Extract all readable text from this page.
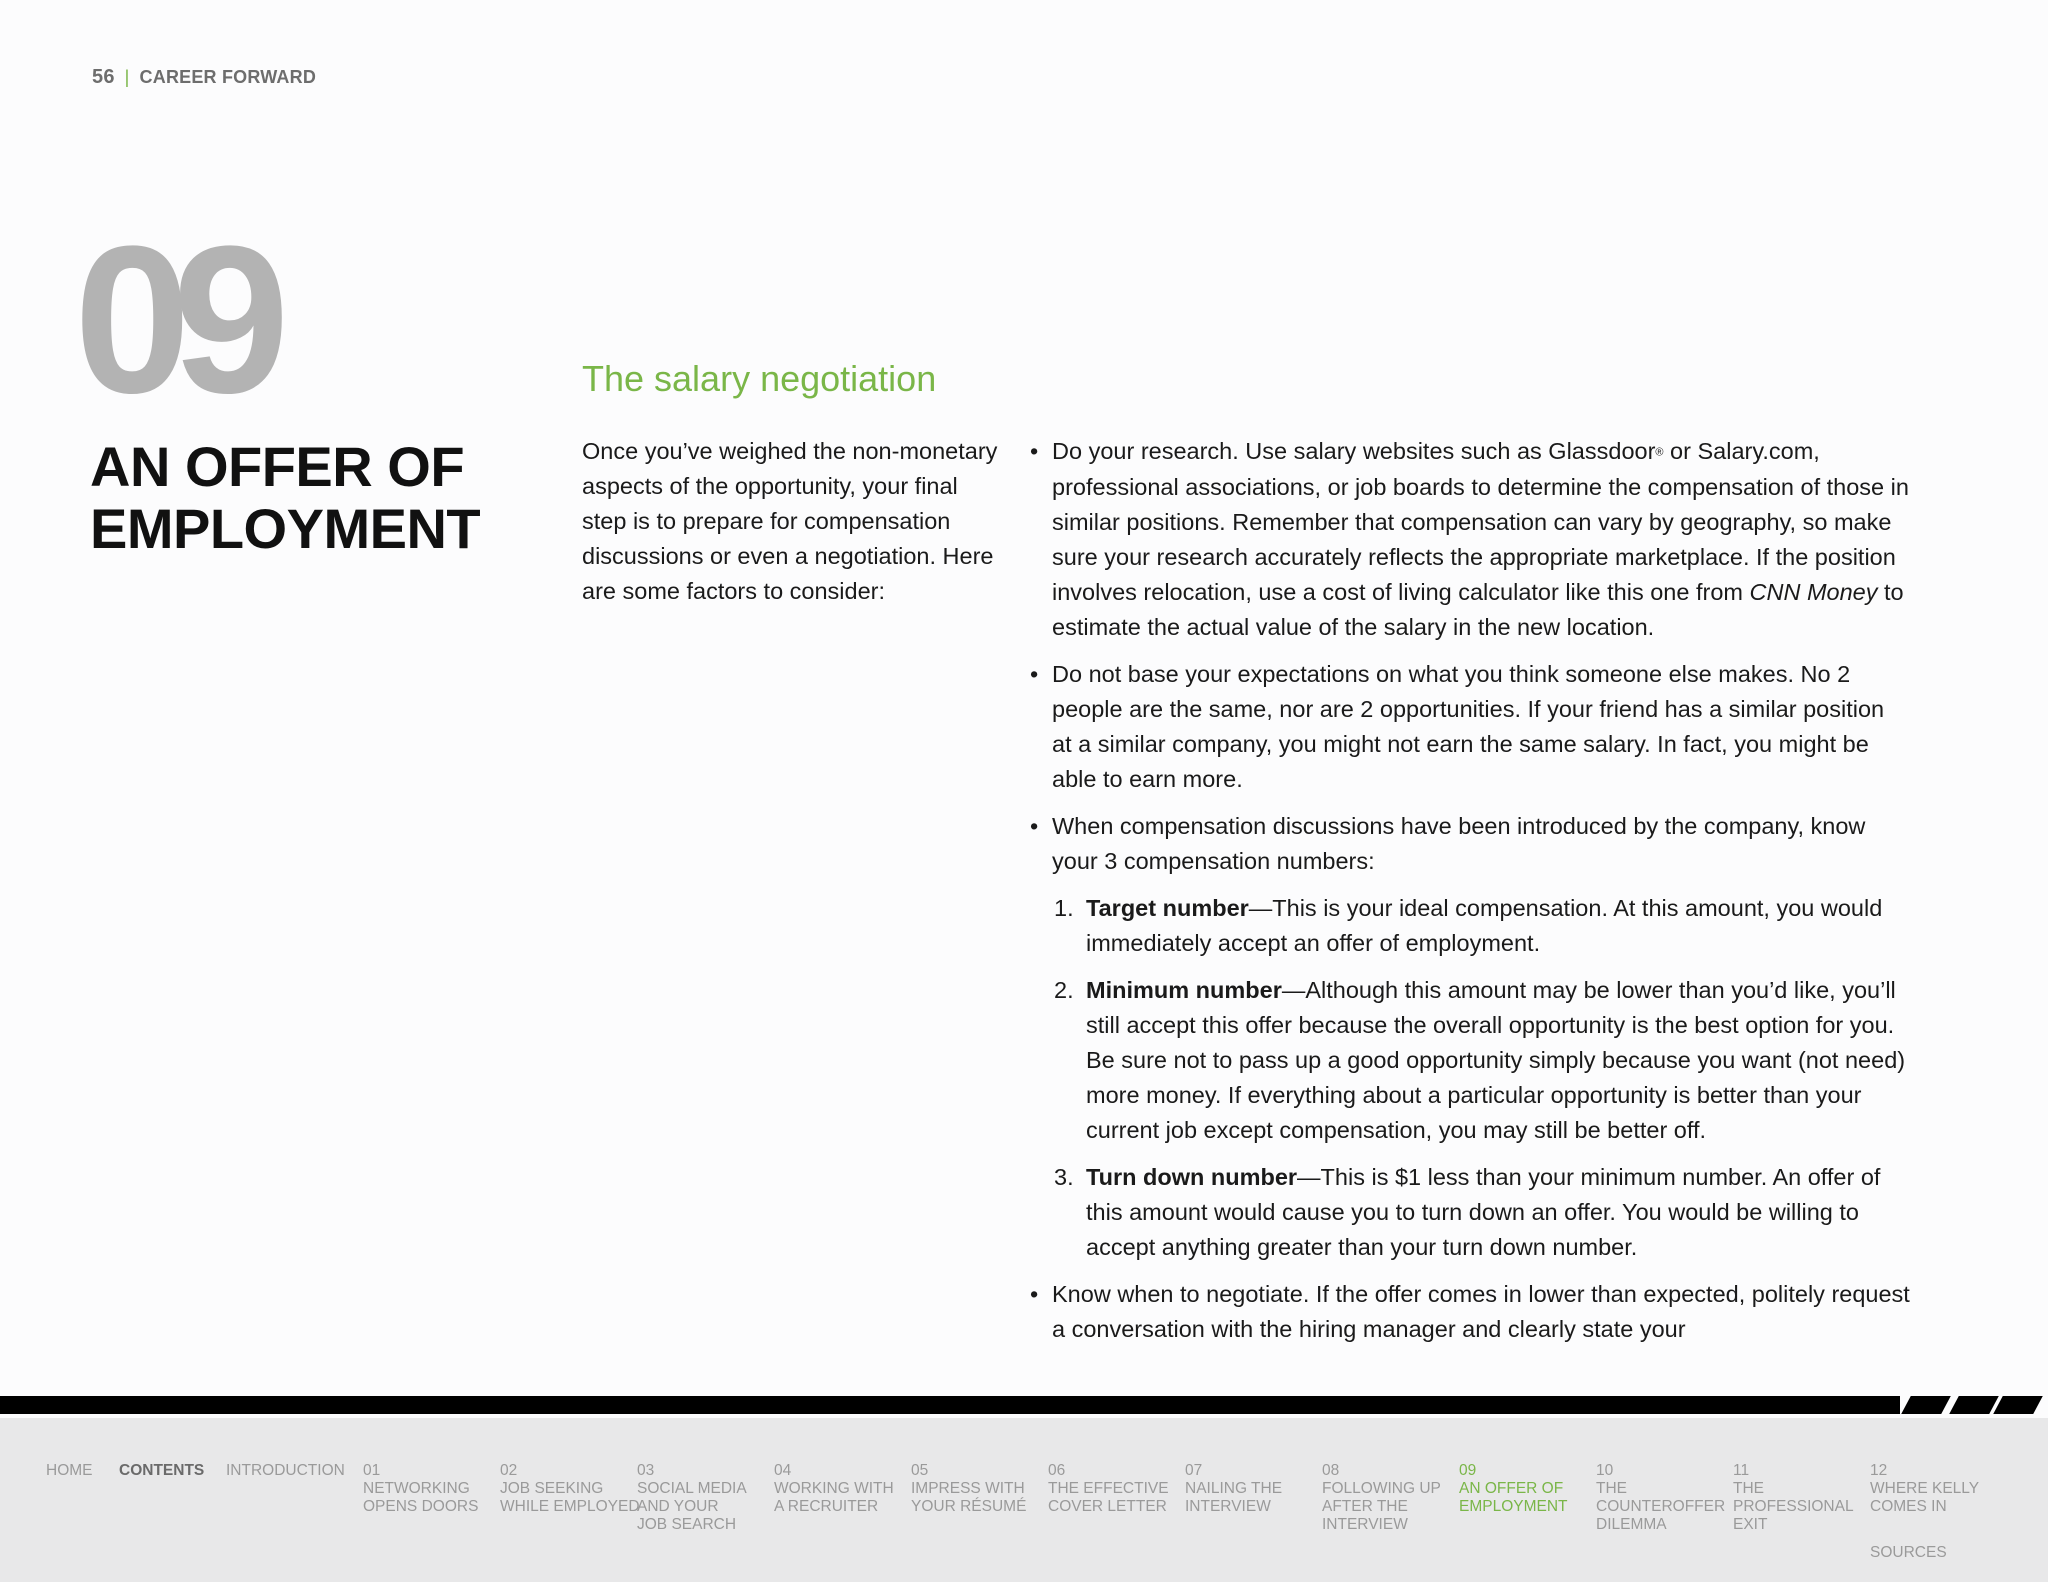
56 | CAREER FORWARD
09
AN OFFER OF
EMPLOYMENT
The salary negotiation
Once you’ve weighed the non-monetary aspects of the opportunity, your final step is to prepare for compensation discussions or even a negotiation. Here are some factors to consider:
• Do your research. Use salary websites such as Glassdoor® or Salary.com, professional associations, or job boards to determine the compensation of those in similar positions. Remember that compensation can vary by geography, so make sure your research accurately reflects the appropriate marketplace. If the position involves relocation, use a cost of living calculator like this one from CNN Money to estimate the actual value of the salary in the new location.
• Do not base your expectations on what you think someone else makes. No 2 people are the same, nor are 2 opportunities. If your friend has a similar position at a similar company, you might not earn the same salary. In fact, you might be able to earn more.
• When compensation discussions have been introduced by the company, know your 3 compensation numbers:
1. Target number—This is your ideal compensation. At this amount, you would immediately accept an offer of employment.
2. Minimum number—Although this amount may be lower than you’d like, you’ll still accept this offer because the overall opportunity is the best option for you. Be sure not to pass up a good opportunity simply because you want (not need) more money. If everything about a particular opportunity is better than your current job except compensation, you may still be better off.
3. Turn down number—This is $1 less than your minimum number. An offer of this amount would cause you to turn down an offer. You would be willing to accept anything greater than your turn down number.
• Know when to negotiate. If the offer comes in lower than expected, politely request a conversation with the hiring manager and clearly state your
HOME CONTENTS INTRODUCTION 01
NETWORKING
OPENS DOORS
02
JOB SEEKING
WHILE EMPLOYED
03
SOCIAL MEDIA
AND YOUR
JOB SEARCH
04
WORKING WITH
A RECRUITER
05
IMPRESS WITH
YOUR RÉSUMÉ
06
THE EFFECTIVE
COVER LETTER
07
NAILING THE
INTERVIEW
08
FOLLOWING UP
AFTER THE
INTERVIEW
09
AN OFFER OF
EMPLOYMENT
10
THE
COUNTEROFFER
DILEMMA
11
THE
PROFESSIONAL
EXIT
12
WHERE KELLY
COMES IN
SOURCES
